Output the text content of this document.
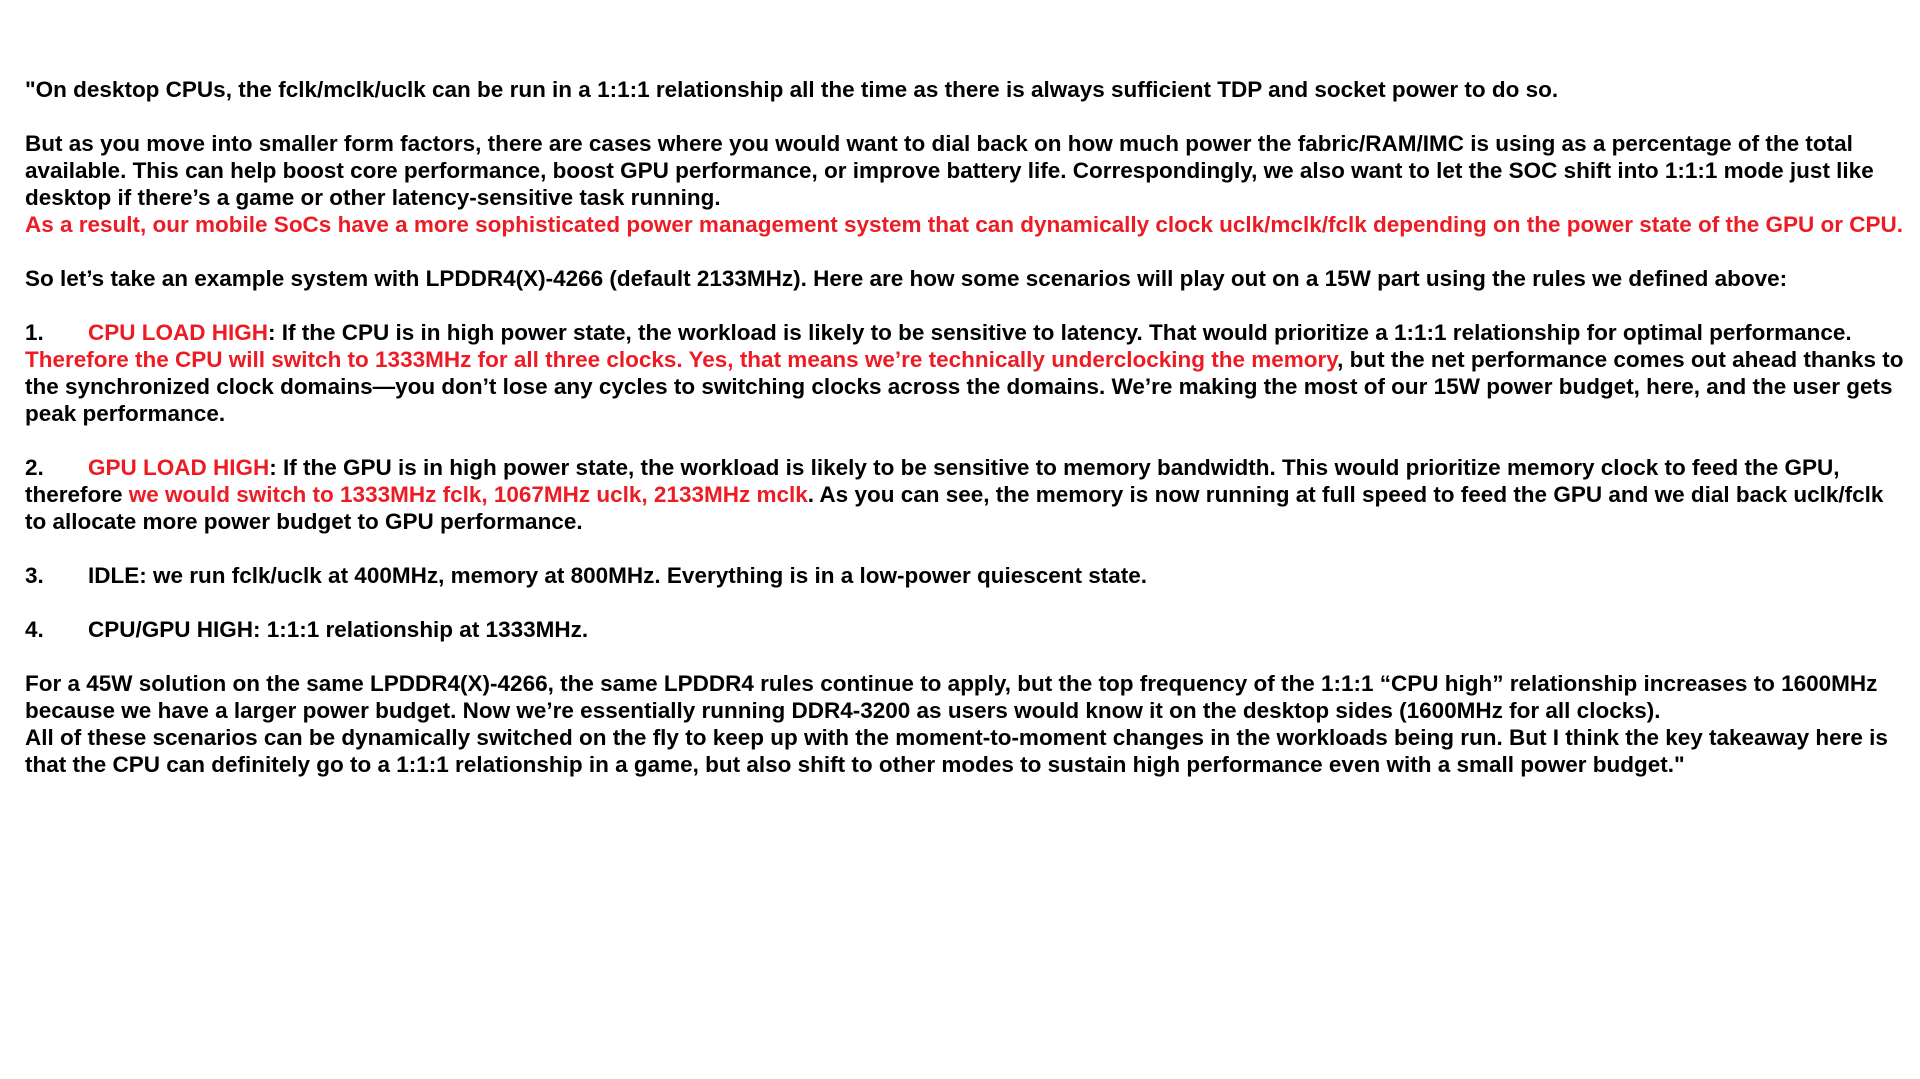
"On desktop CPUs, the fclk/mclk/uclk can be run in a 1:1:1 relationship all the time as there is always sufficient TDP and socket power to do so.

But as you move into smaller form factors, there are cases where you would want to dial back on how much power the fabric/RAM/IMC is using as a percentage of the total available. This can help boost core performance, boost GPU performance, or improve battery life. Correspondingly, we also want to let the SOC shift into 1:1:1 mode just like desktop if there’s a game or other latency-sensitive task running.
As a result, our mobile SoCs have a more sophisticated power management system that can dynamically clock uclk/mclk/fclk depending on the power state of the GPU or CPU.

So let’s take an example system with LPDDR4(X)-4266 (default 2133MHz). Here are how some scenarios will play out on a 15W part using the rules we defined above:

1. CPU LOAD HIGH: If the CPU is in high power state, the workload is likely to be sensitive to latency. That would prioritize a 1:1:1 relationship for optimal performance. Therefore the CPU will switch to 1333MHz for all three clocks. Yes, that means we’re technically underclocking the memory, but the net performance comes out ahead thanks to the synchronized clock domains—you don’t lose any cycles to switching clocks across the domains. We’re making the most of our 15W power budget, here, and the user gets peak performance.

2. GPU LOAD HIGH: If the GPU is in high power state, the workload is likely to be sensitive to memory bandwidth. This would prioritize memory clock to feed the GPU, therefore we would switch to 1333MHz fclk, 1067MHz uclk, 2133MHz mclk. As you can see, the memory is now running at full speed to feed the GPU and we dial back uclk/fclk to allocate more power budget to GPU performance.

3. IDLE: we run fclk/uclk at 400MHz, memory at 800MHz. Everything is in a low-power quiescent state.

4. CPU/GPU HIGH: 1:1:1 relationship at 1333MHz.

For a 45W solution on the same LPDDR4(X)-4266, the same LPDDR4 rules continue to apply, but the top frequency of the 1:1:1 “CPU high” relationship increases to 1600MHz because we have a larger power budget. Now we’re essentially running DDR4-3200 as users would know it on the desktop sides (1600MHz for all clocks).
All of these scenarios can be dynamically switched on the fly to keep up with the moment-to-moment changes in the workloads being run. But I think the key takeaway here is that the CPU can definitely go to a 1:1:1 relationship in a game, but also shift to other modes to sustain high performance even with a small power budget."
